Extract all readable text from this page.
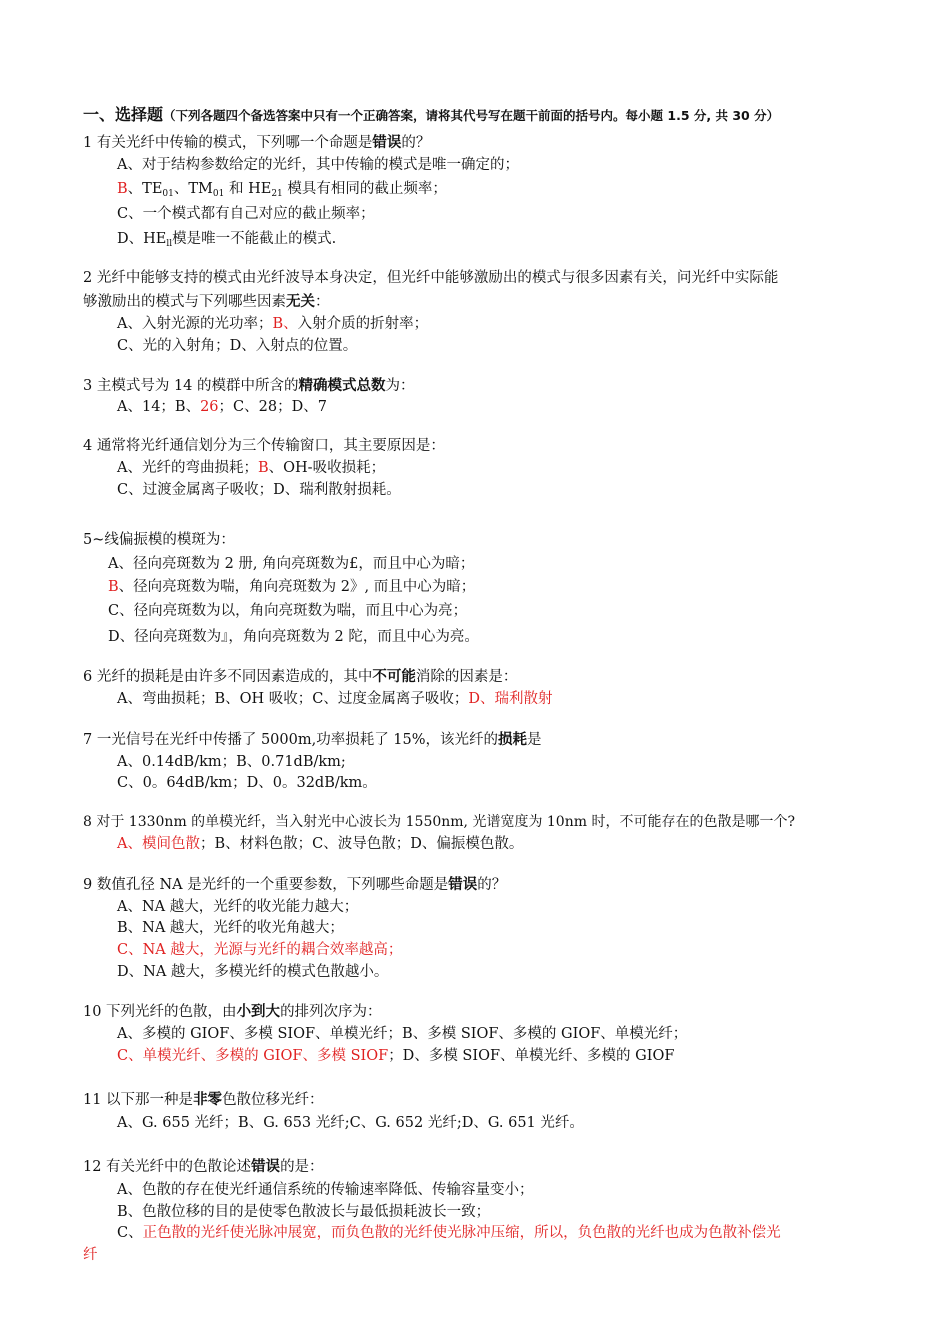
一、选择题（下列各题四个备选答案中只有一个正确答案，请将其代号写在题干前面的括号内。每小题 1.5 分, 共 30 分）
1 有关光纤中传输的模式，下列哪一个命题是错误的？
A、对于结构参数给定的光纤，其中传输的模式是唯一确定的；
B、$TE_{01}$、$TM_{01}$ 和 $HE_{21}$ 模具有相同的截止频率；
C、一个模式都有自己对应的截止频率；
D、$HE_{ll}$模是唯一不能截止的模式.
2 光纤中能够支持的模式由光纤波导本身决定，但光纤中能够激励出的模式与很多因素有关，问光纤中实际能
够激励出的模式与下列哪些因素无关：
A、入射光源的光功率；B、入射介质的折射率；
C、光的入射角；D、入射点的位置。
3 主模式号为 14 的模群中所含的精确模式总数为：
A、14；B、26；C、28；D、7
4 通常将光纤通信划分为三个传输窗口，其主要原因是：
A、光纤的弯曲损耗；B、OH-吸收损耗；
C、过渡金属离子吸收；D、瑞利散射损耗。
5~线偏振模的模斑为：
A、径向亮斑数为 2 册, 角向亮斑数为£，而且中心为暗；
B、径向亮斑数为喘，角向亮斑数为 2》, 而且中心为暗；
C、径向亮斑数为以，角向亮斑数为喘，而且中心为亮；
D、径向亮斑数为』，角向亮斑数为 2 陀，而且中心为亮。
6 光纤的损耗是由许多不同因素造成的，其中不可能消除的因素是：
A、弯曲损耗；B、OH 吸收；C、过度金属离子吸收；D、瑞利散射
7 一光信号在光纤中传播了 5000m,功率损耗了 15%，该光纤的损耗是
A、0.14dB/km；B、0.71dB/km;
C、0。64dB/km；D、0。32dB/km。
8 对于 1330nm 的单模光纤，当入射光中心波长为 1550nm, 光谱宽度为 10nm 时，不可能存在的色散是哪一个?
A、模间色散；B、材料色散；C、波导色散；D、偏振模色散。
9 数值孔径 NA 是光纤的一个重要参数，下列哪些命题是错误的？
A、NA 越大，光纤的收光能力越大；
B、NA 越大，光纤的收光角越大；
C、NA 越大，光源与光纤的耦合效率越高；
D、NA 越大，多模光纤的模式色散越小。
10 下列光纤的色散，由小到大的排列次序为：
A、多模的 GIOF、多模 SIOF、单模光纤；B、多模 SIOF、多模的 GIOF、单模光纤；
C、单模光纤、多模的 GIOF、多模 SIOF；D、多模 SIOF、单模光纤、多模的 GIOF
11 以下那一种是非零色散位移光纤：
A、G. 655 光纤；B、G. 653 光纤;C、G. 652 光纤;D、G. 651 光纤。
12 有关光纤中的色散论述错误的是：
A、色散的存在使光纤通信系统的传输速率降低、传输容量变小；
B、色散位移的目的是使零色散波长与最低损耗波长一致；
C、正色散的光纤使光脉冲展宽，而负色散的光纤使光脉冲压缩，所以，负色散的光纤也成为色散补偿光
纤
